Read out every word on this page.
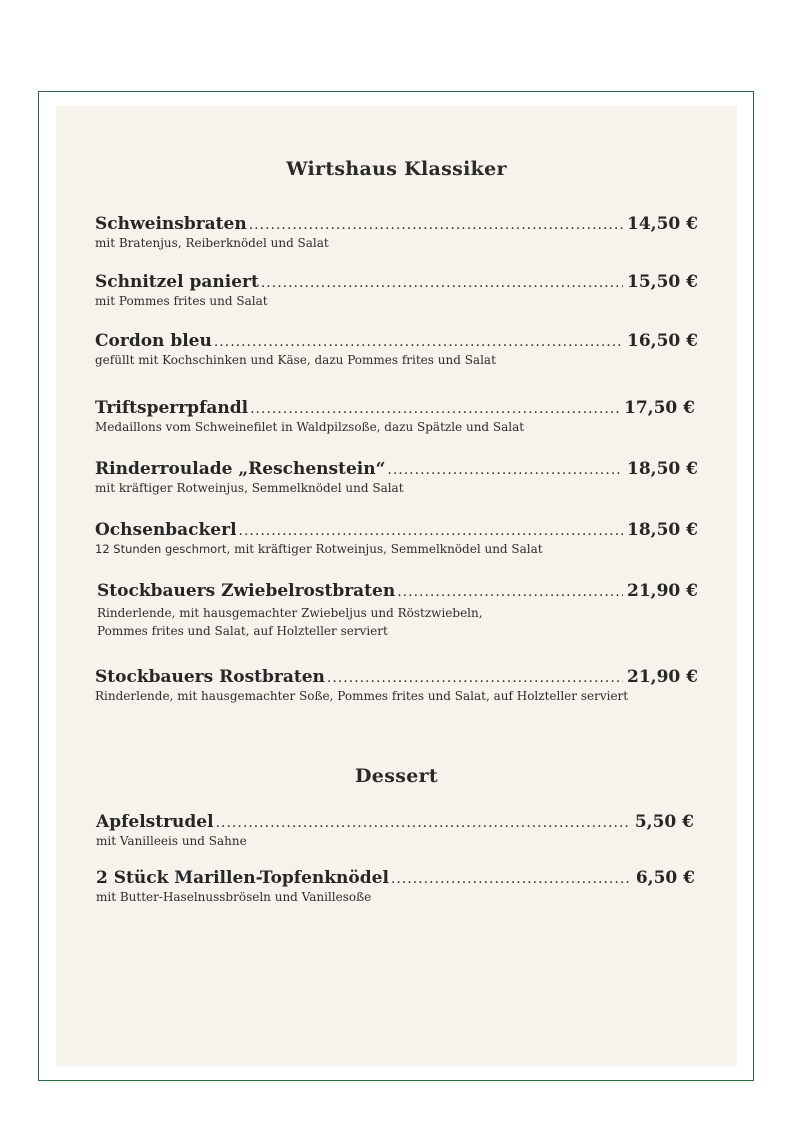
Wirtshaus Klassiker
Schweinsbraten .....	14,50 €
mit Bratenjus, Reiberknödel und Salat
Schnitzel paniert .....	15,50 €
mit Pommes frites und Salat
Cordon bleu .....	16,50 €
gefüllt mit Kochschinken und Käse, dazu Pommes frites und Salat
Triftsperrpfandl .....	17,50 €
Medaillons vom Schweinefilet in Waldpilzsoße, dazu Spätzle und Salat
Rinderroulade „Reschenstein“ .....	18,50 €
mit kräftiger Rotweinjus, Semmelknödel und Salat
Ochsenbackerl .....	18,50 €
12 Stunden geschmort, mit kräftiger Rotweinjus, Semmelknödel und Salat
Stockbauers Zwiebelrostbraten .....	21,90 €
Rinderlende, mit hausgemachter Zwiebeljus und Röstzwiebeln,
Pommes frites und Salat, auf Holzteller serviert
Stockbauers Rostbraten .....	21,90 €
Rinderlende, mit hausgemachter Soße, Pommes frites und Salat, auf Holzteller serviert
Dessert
Apfelstrudel .....	5,50 €
mit Vanilleeis und Sahne
2 Stück Marillen-Topfenknödel .....	6,50 €
mit Butter-Haselnussbröseln und Vanillesoße
